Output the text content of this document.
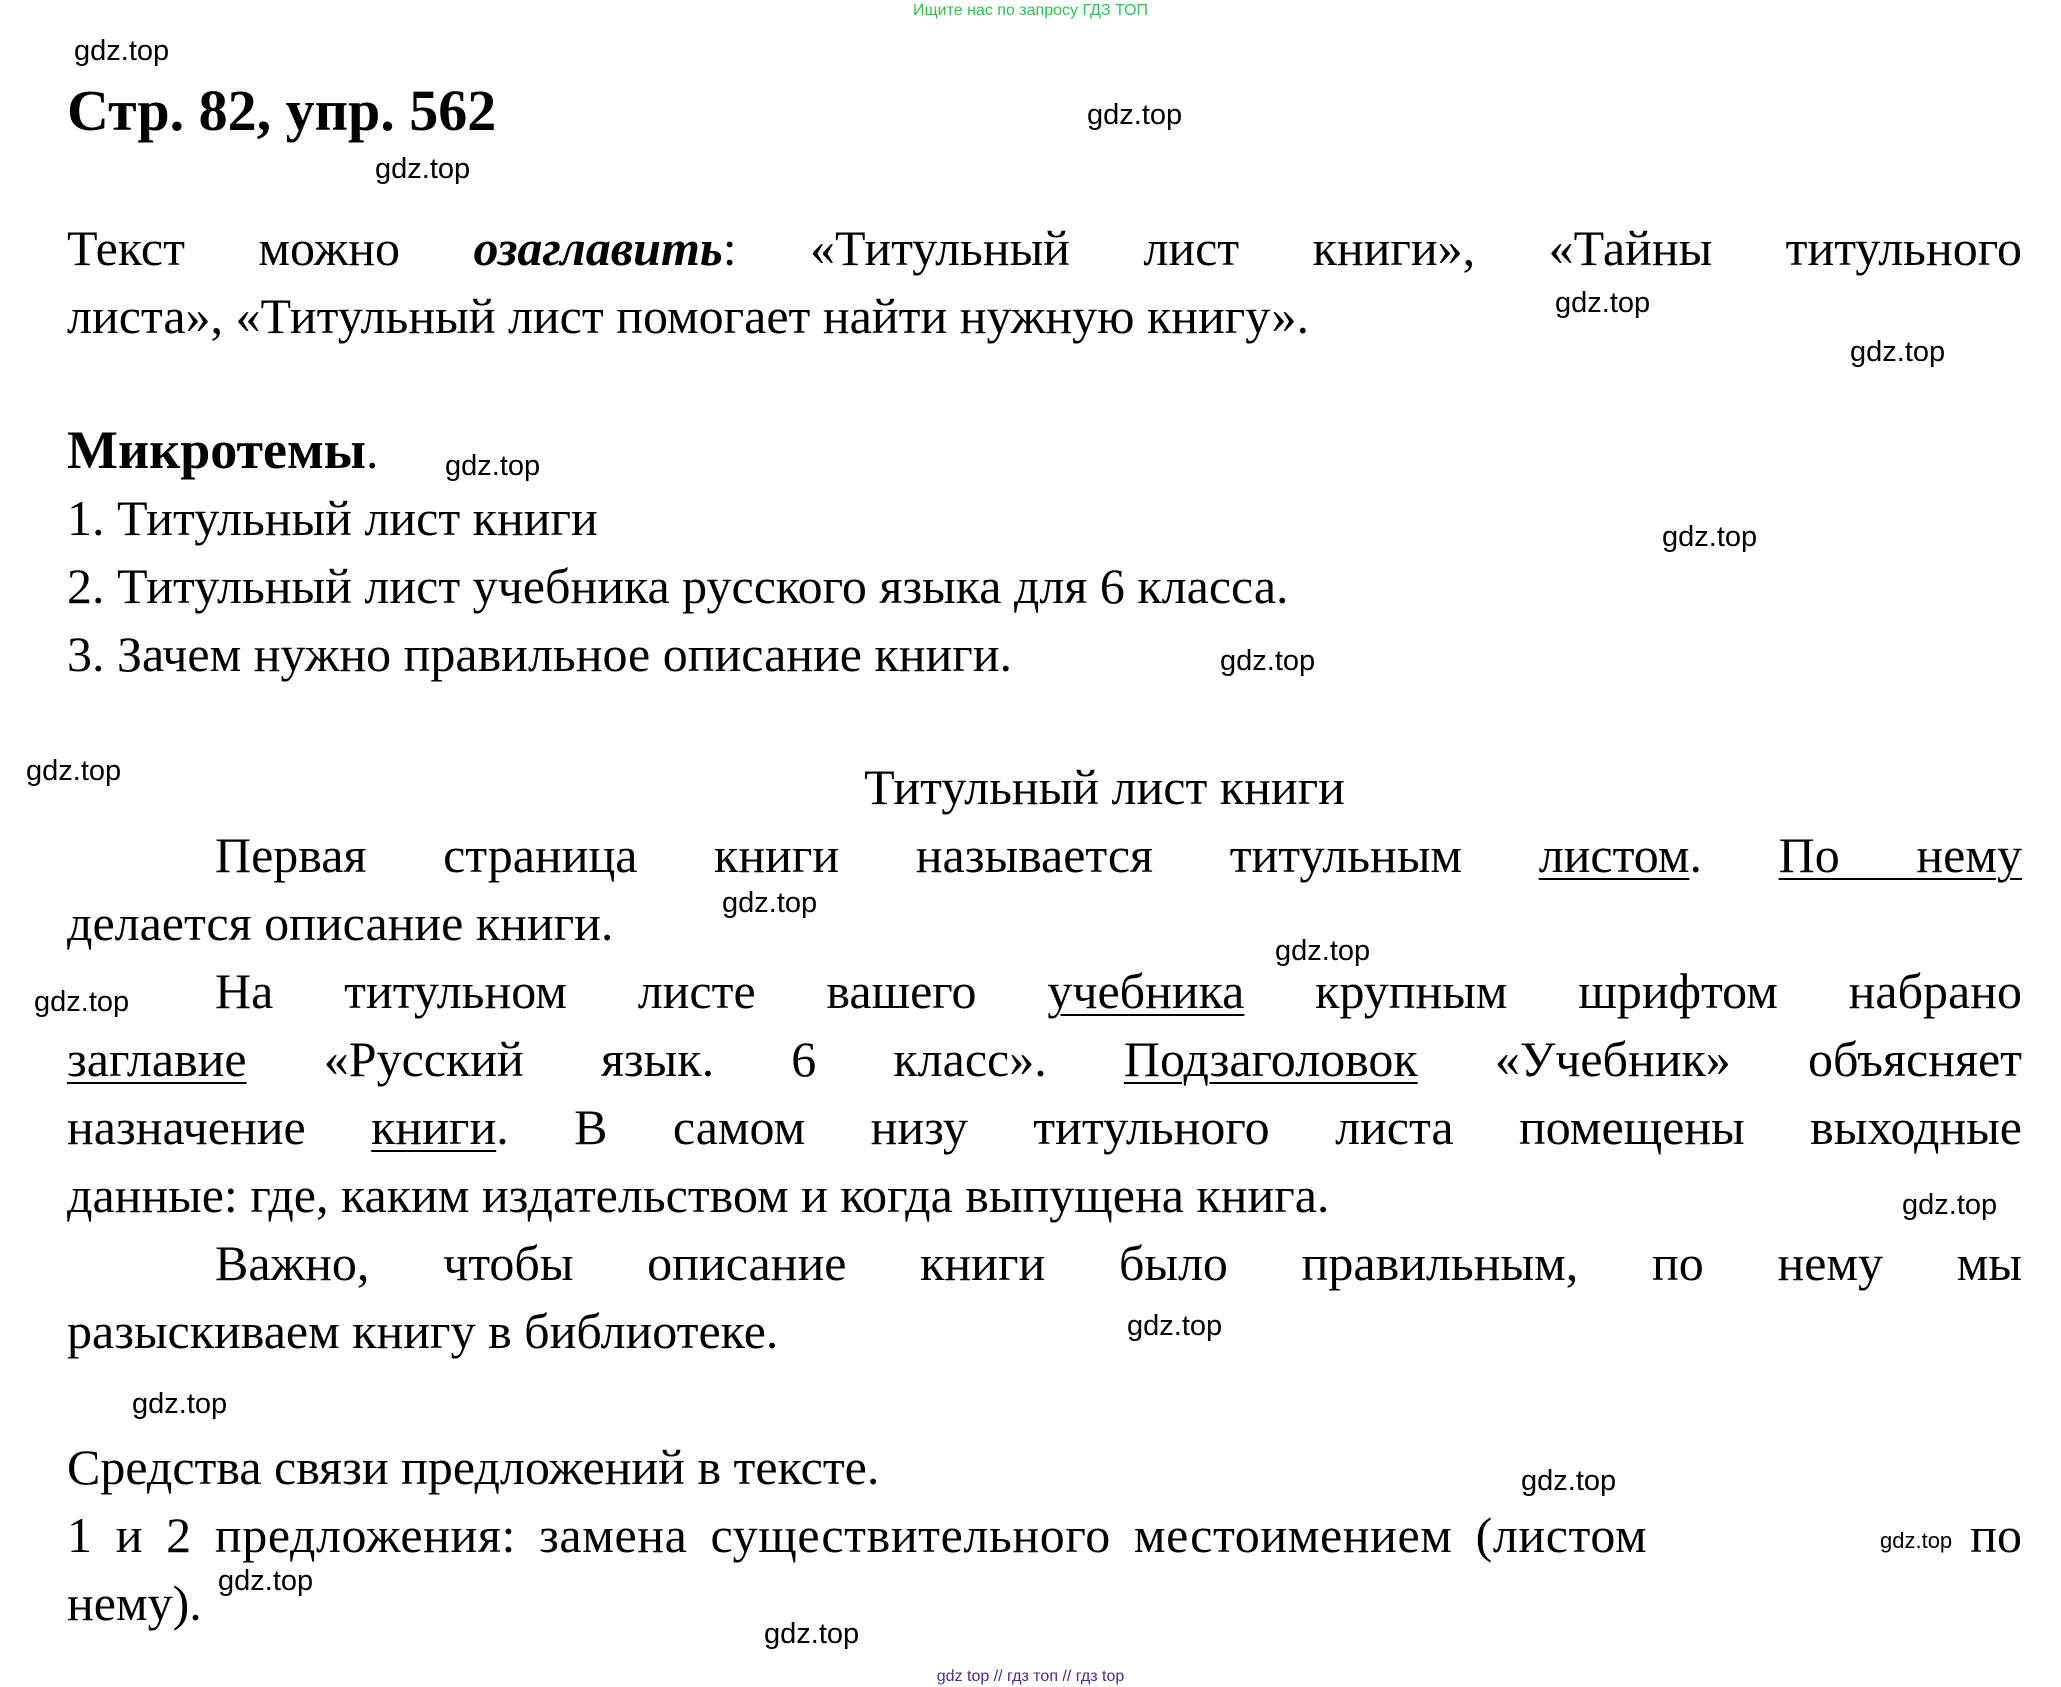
Ищите нас по запросу ГДЗ ТОП
gdz.top
gdz.top
gdz.top
gdz.top
gdz.top
gdz.top
gdz.top
gdz.top
gdz.top
gdz.top
gdz.top
gdz.top
gdz.top
gdz.top
gdz.top
gdz.top
gdz.top
gdz.top
Стр. 82, упр. 562
Текст можно озаглавить: «Титульный лист книги», «Тайны титульного
листа», «Титульный лист помогает найти нужную книгу».
Микротемы.
1. Титульный лист книги
2. Титульный лист учебника русского языка для 6 класса.
3. Зачем нужно правильное описание книги.
Титульный лист книги
Первая страница книги называется титульным листом. По нему
делается описание книги.
На титульном листе вашего учебника крупным шрифтом набрано
заглавие «Русский язык. 6 класс». Подзаголовок «Учебник» объясняет
назначение книги. В самом низу титульного листа помещены выходные
данные: где, каким издательством и когда выпущена книга.
Важно, чтобы описание книги было правильным, по нему мы
разыскиваем книгу в библиотеке.
Средства связи предложений в тексте.
1 и 2 предложения: замена существительного местоимением (листом	по
нему).
gdz.top
gdz top // гдз топ // гдз top
